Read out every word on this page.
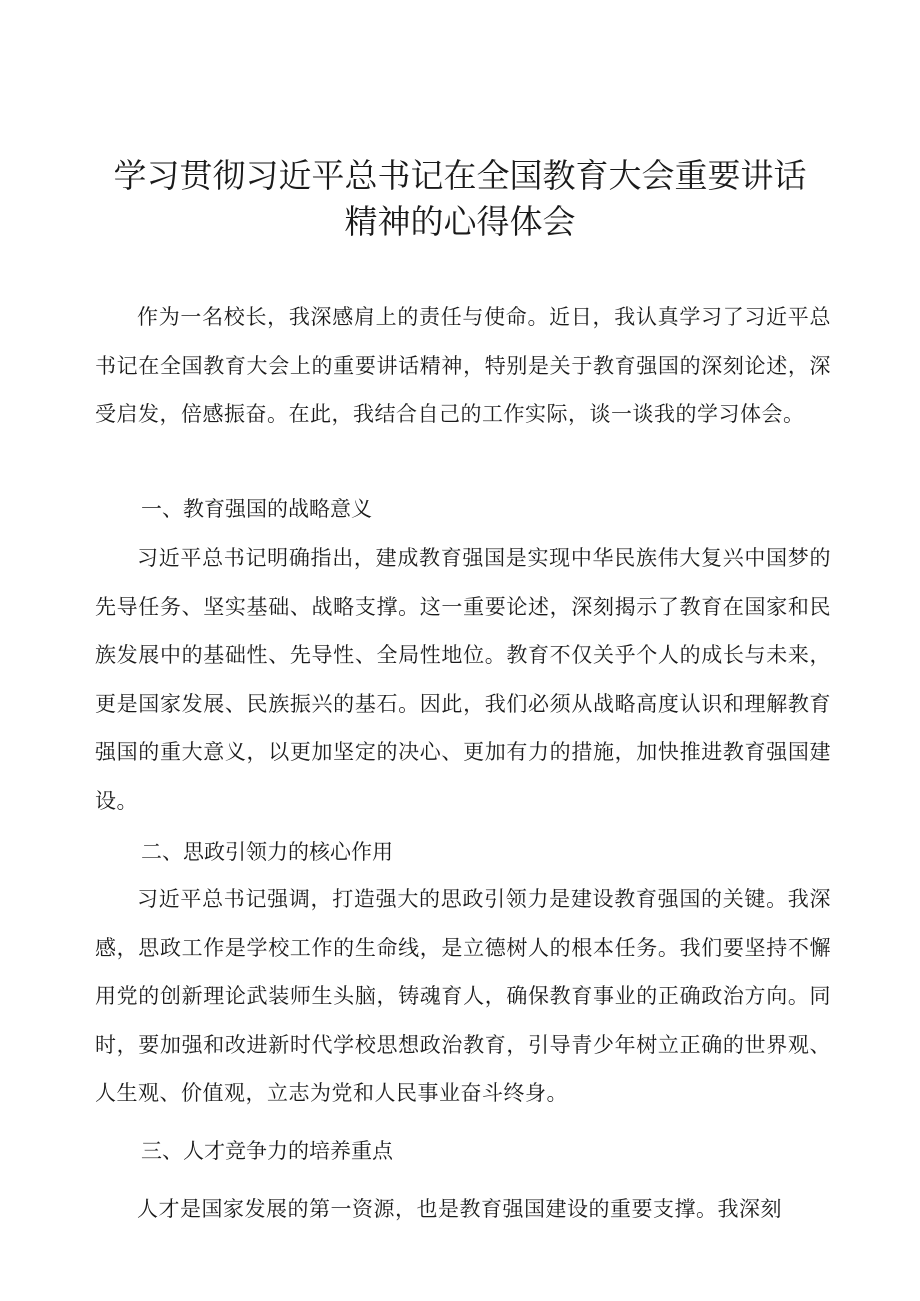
学习贯彻习近平总书记在全国教育大会重要讲话
精神的心得体会

作为一名校长，我深感肩上的责任与使命。近日，我认真学习了习近平总书记在全国教育大会上的重要讲话精神，特别是关于教育强国的深刻论述，深受启发，倍感振奋。在此，我结合自己的工作实际，谈一谈我的学习体会。

一、教育强国的战略意义

习近平总书记明确指出，建成教育强国是实现中华民族伟大复兴中国梦的先导任务、坚实基础、战略支撑。这一重要论述，深刻揭示了教育在国家和民族发展中的基础性、先导性、全局性地位。教育不仅关乎个人的成长与未来，更是国家发展、民族振兴的基石。因此，我们必须从战略高度认识和理解教育强国的重大意义，以更加坚定的决心、更加有力的措施，加快推进教育强国建设。

二、思政引领力的核心作用

习近平总书记强调，打造强大的思政引领力是建设教育强国的关键。我深感，思政工作是学校工作的生命线，是立德树人的根本任务。我们要坚持不懈用党的创新理论武装师生头脑，铸魂育人，确保教育事业的正确政治方向。同时，要加强和改进新时代学校思想政治教育，引导青少年树立正确的世界观、人生观、价值观，立志为党和人民事业奋斗终身。

三、人才竞争力的培养重点

人才是国家发展的第一资源，也是教育强国建设的重要支撑。我深刻
